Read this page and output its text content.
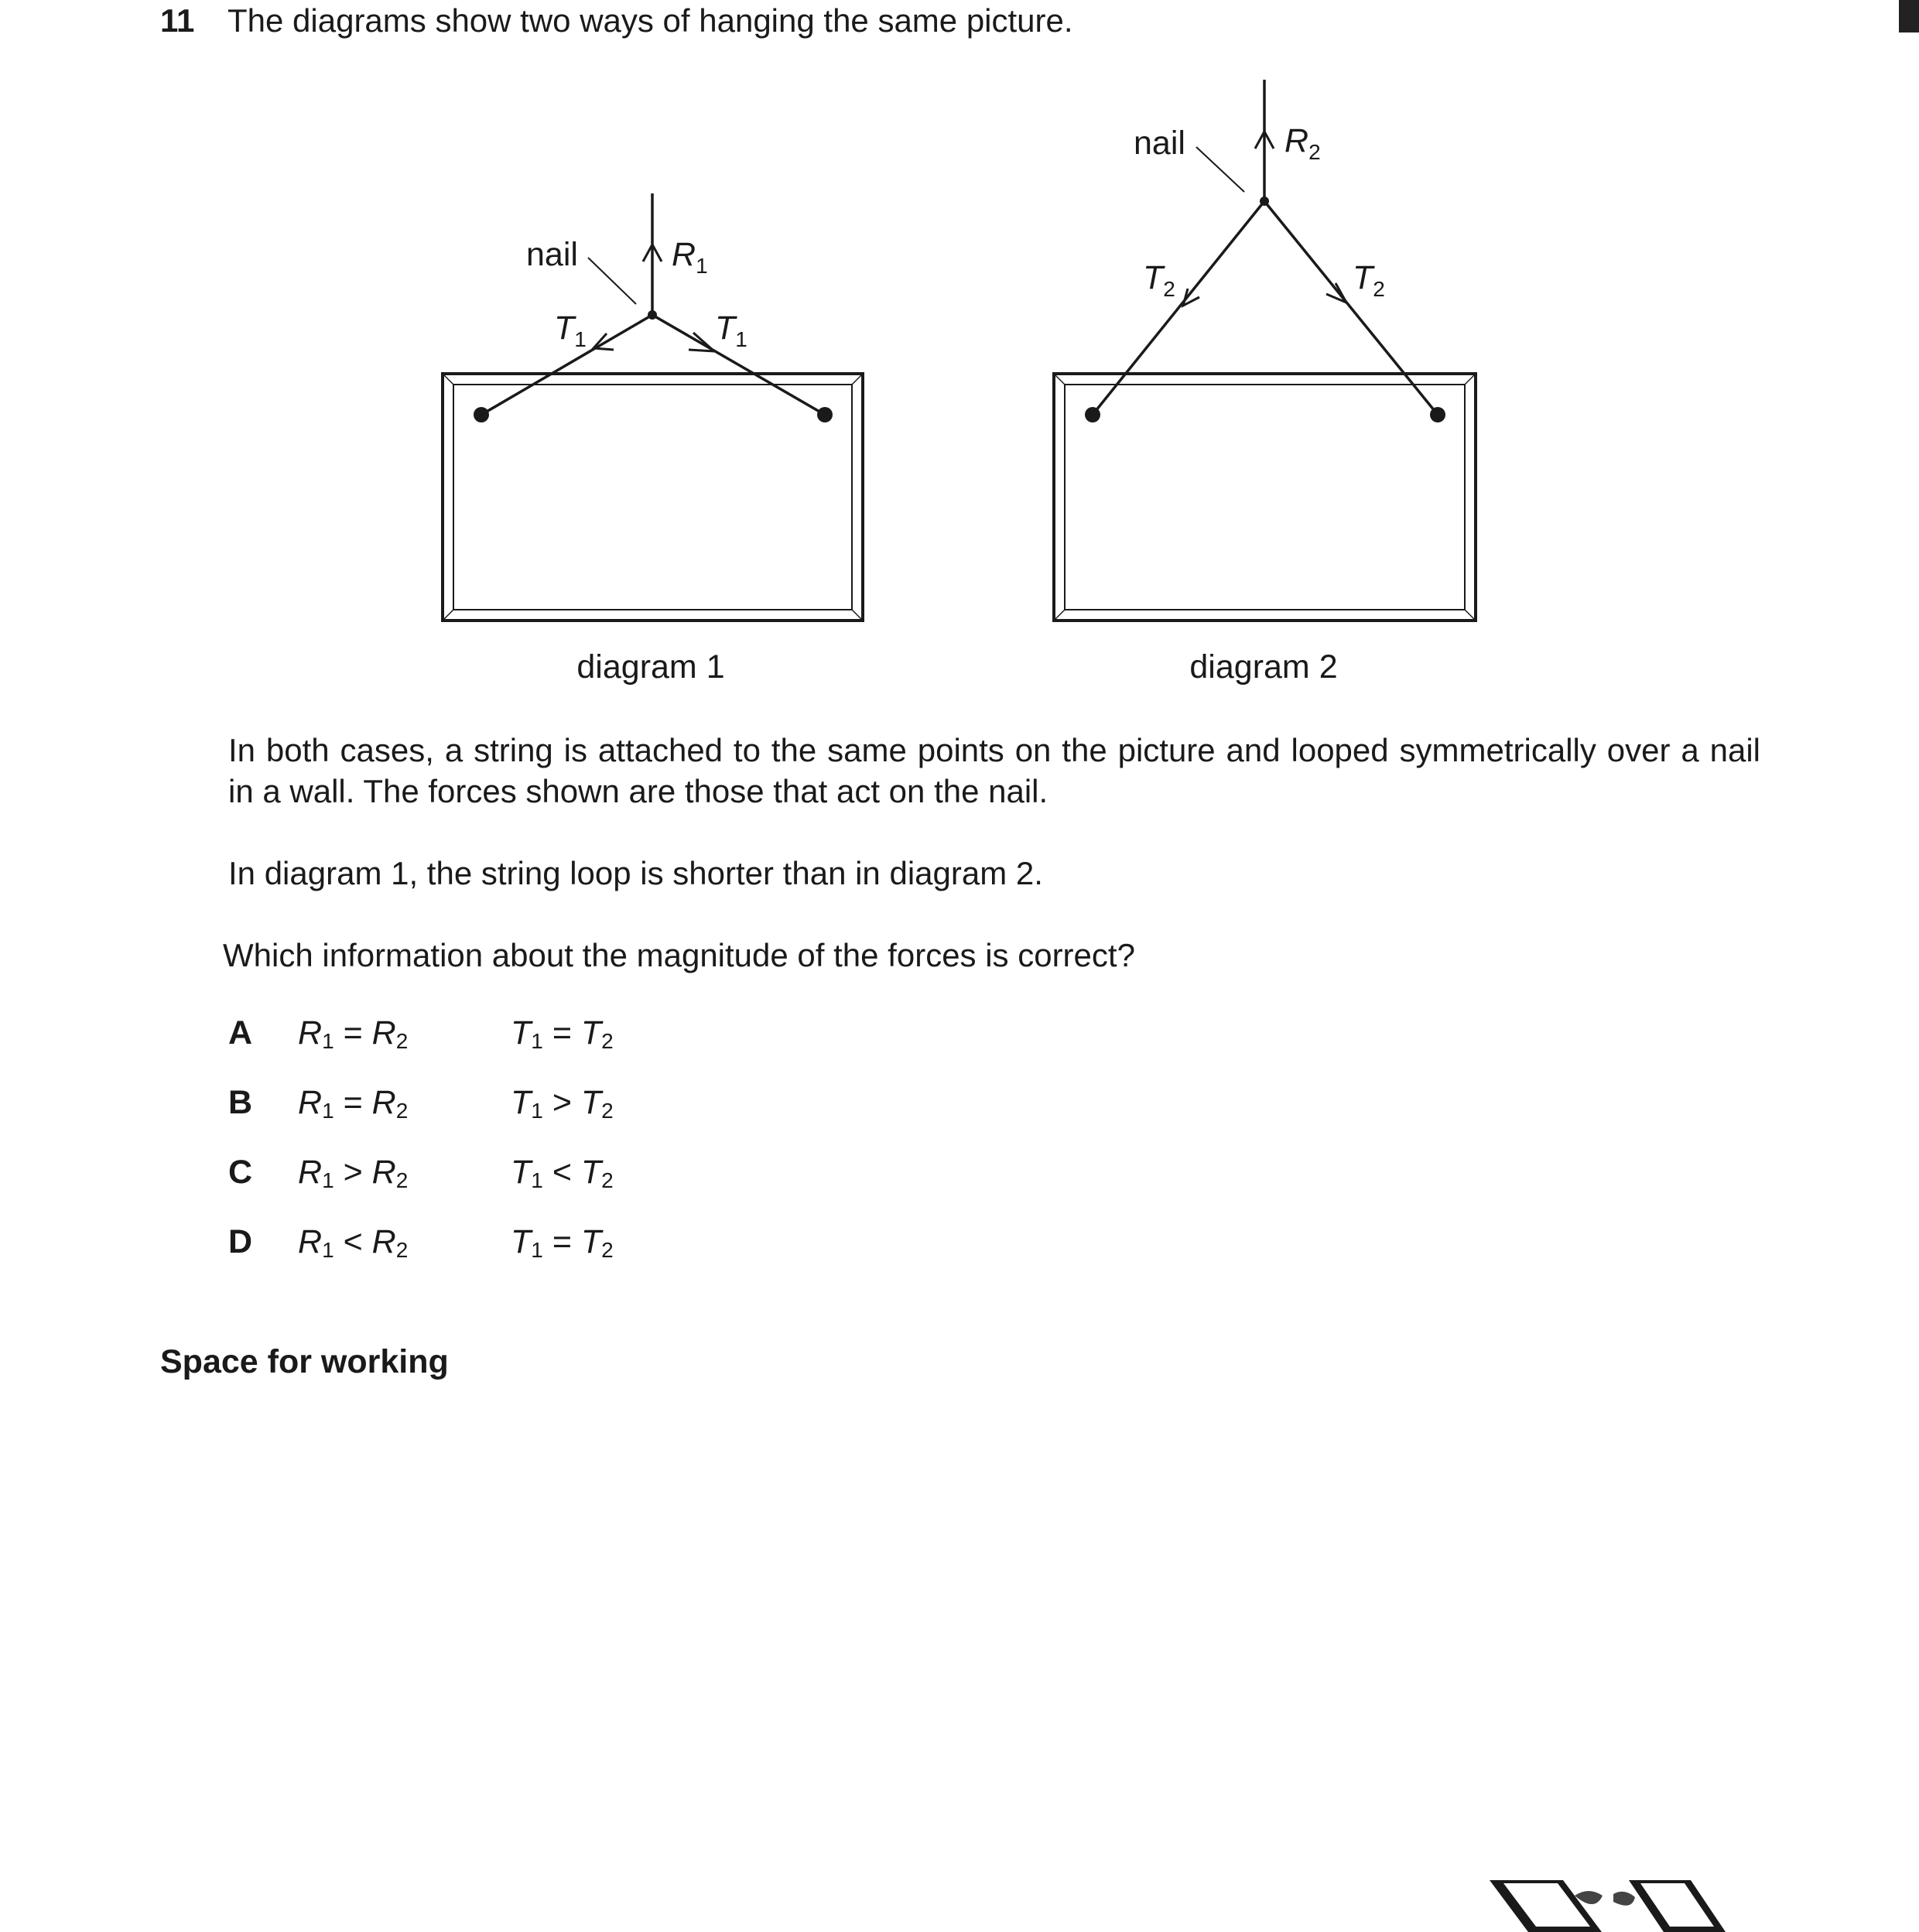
11 The diagrams show two ways of hanging the same picture.
nail	$R_1$
$T_1$	$T_1$
diagram 1
nail	$R_2$
$T_2$	$T_2$
diagram 2
In both cases, a string is attached to the same points on the picture and looped symmetrically over a nail in a wall. The forces shown are those that act on the nail.
In diagram 1, the string loop is shorter than in diagram 2.
Which information about the magnitude of the forces is correct?
A $R_1 = R_2$	$T_1 = T_2$
B $R_1 = R_2$	$T_1 > T_2$
C $R_1 > R_2$	$T_1 < T_2$
D $R_1 < R_2$	$T_1 = T_2$
Space for working
